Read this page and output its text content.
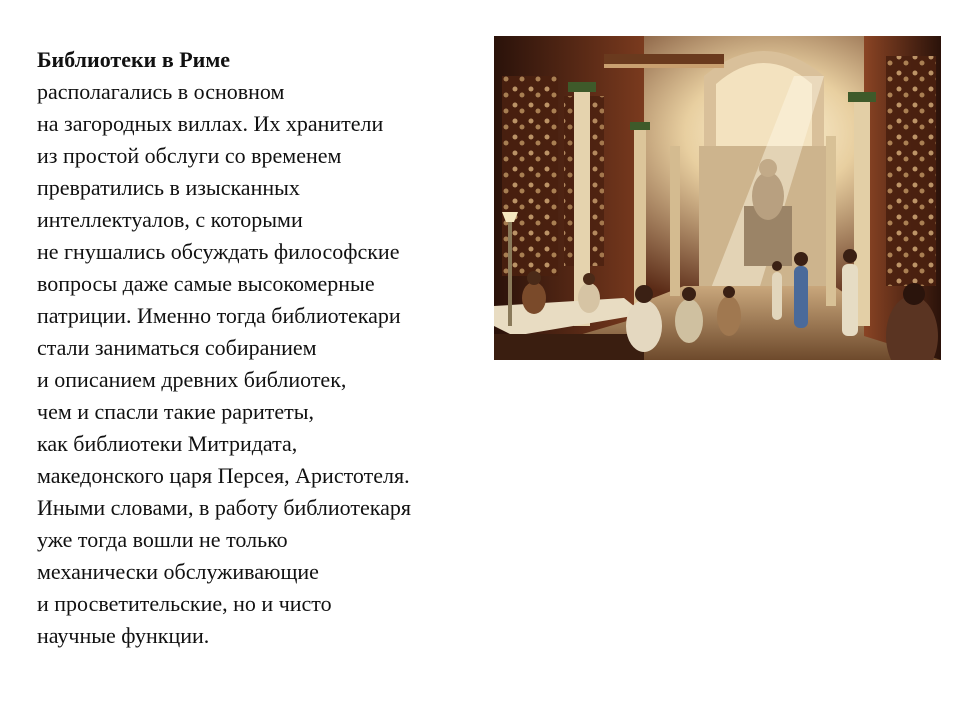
Библиотеки в Риме
располагались в основном
на загородных виллах. Их хранители
из простой обслуги со временем
превратились в изысканных
интеллектуалов, с которыми
не гнушались обсуждать философские
вопросы даже самые высокомерные
патриции. Именно тогда библиотекари
стали заниматься собиранием
и описанием древних библиотек,
чем и спасли такие раритеты,
как библиотеки Митридата,
македонского царя Персея, Аристотеля.
Иными словами, в работу библиотекаря
уже тогда вошли не только
механически обслуживающие
и просветительские, но и чисто
научные функции.
